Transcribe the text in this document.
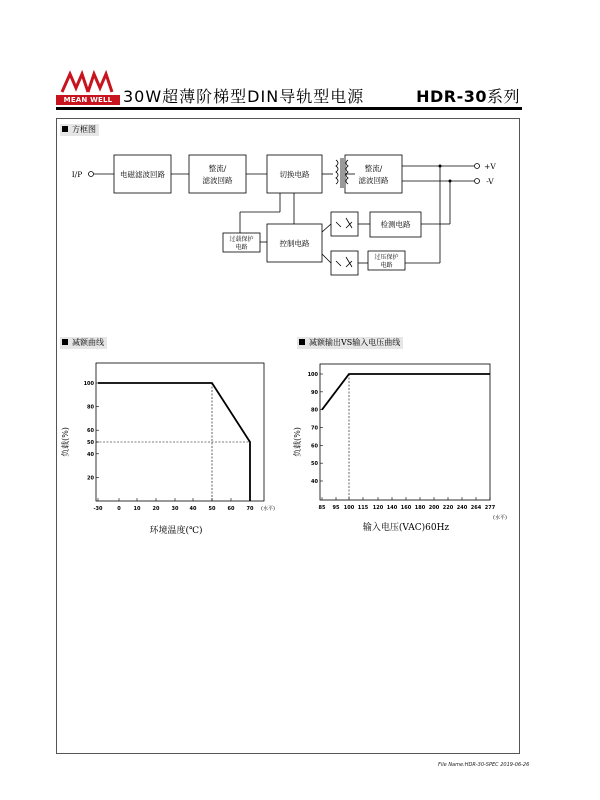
MEAN WELL 30W超薄阶梯型DIN导轨型电源	HDR-30系列
方框图
减额曲线	减额输出VS输入电压曲线
I/P	电磁滤波回路
整流/
滤波回路
切换电路
整流/
滤波回路
检测电路
控制电路
+V
-V
过载保护
电路
过压保护
电路
100
80
60
50
40
20
-30	0	10 20 30 40 50 60 70
100
90
80
70
60
50
40
85 95 100 115 120 140 160 180 200 220 240 264 277
环境温度(℃)
(水平)
负载(%)
输入电压(VAC)60Hz
(水平)
负载(%)
File Name:HDR-30-SPEC 2019-06-26
